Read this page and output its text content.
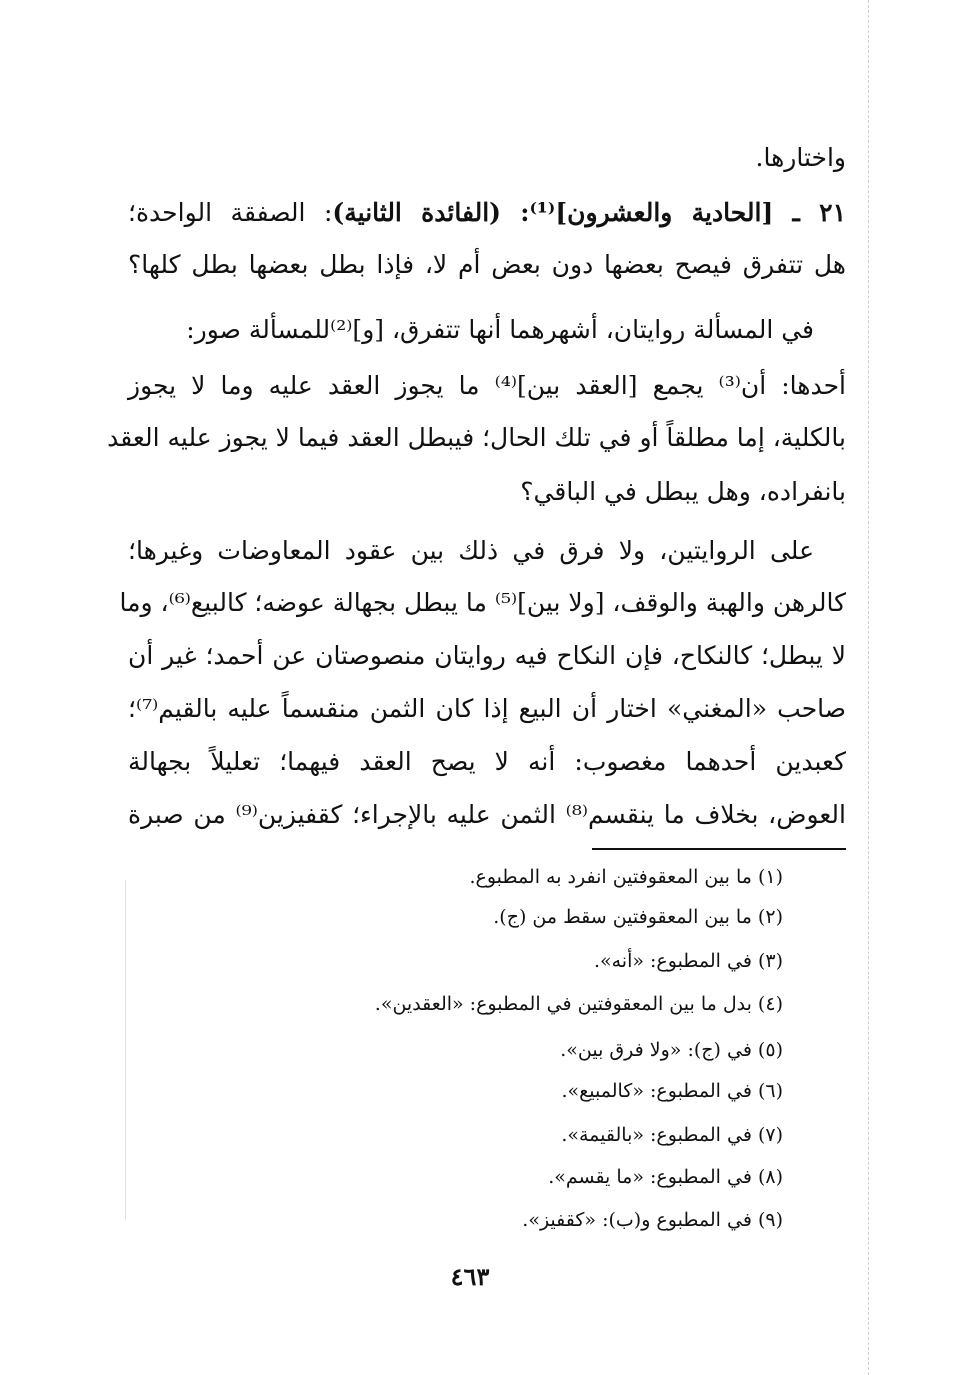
واختارها.
٢١ ـ [الحادية والعشرون]⁽¹⁾: (الفائدة الثانية): الصفقة الواحدة؛
هل تتفرق فيصح بعضها دون بعض أم لا، فإذا بطل بعضها بطل كلها؟
في المسألة روايتان، أشهرهما أنها تتفرق، [و]⁽²⁾للمسألة صور:
أحدها: أن⁽³⁾ يجمع [العقد بين]⁽⁴⁾ ما يجوز العقد عليه وما لا يجوز
بالكلية، إما مطلقاً أو في تلك الحال؛ فيبطل العقد فيما لا يجوز عليه العقد
بانفراده، وهل يبطل في الباقي؟
على الروايتين، ولا فرق في ذلك بين عقود المعاوضات وغيرها؛
كالرهن والهبة والوقف، [ولا بين]⁽⁵⁾ ما يبطل بجهالة عوضه؛ كالبيع⁽⁶⁾، وما
لا يبطل؛ كالنكاح، فإن النكاح فيه روايتان منصوصتان عن أحمد؛ غير أن
صاحب «المغني» اختار أن البيع إذا كان الثمن منقسماً عليه بالقيم⁽⁷⁾؛
كعبدين أحدهما مغصوب: أنه لا يصح العقد فيهما؛ تعليلاً بجهالة
العوض، بخلاف ما ينقسم⁽⁸⁾ الثمن عليه بالإجراء؛ كقفيزين⁽⁹⁾ من صبرة
(١) ما بين المعقوفتين انفرد به المطبوع.
(٢) ما بين المعقوفتين سقط من (ج).
(٣) في المطبوع: «أنه».
(٤) بدل ما بين المعقوفتين في المطبوع: «العقدين».
(٥) في (ج): «ولا فرق بين».
(٦) في المطبوع: «كالمبيع».
(٧) في المطبوع: «بالقيمة».
(٨) في المطبوع: «ما يقسم».
(٩) في المطبوع و(ب): «كقفيز».
٤٦٣
